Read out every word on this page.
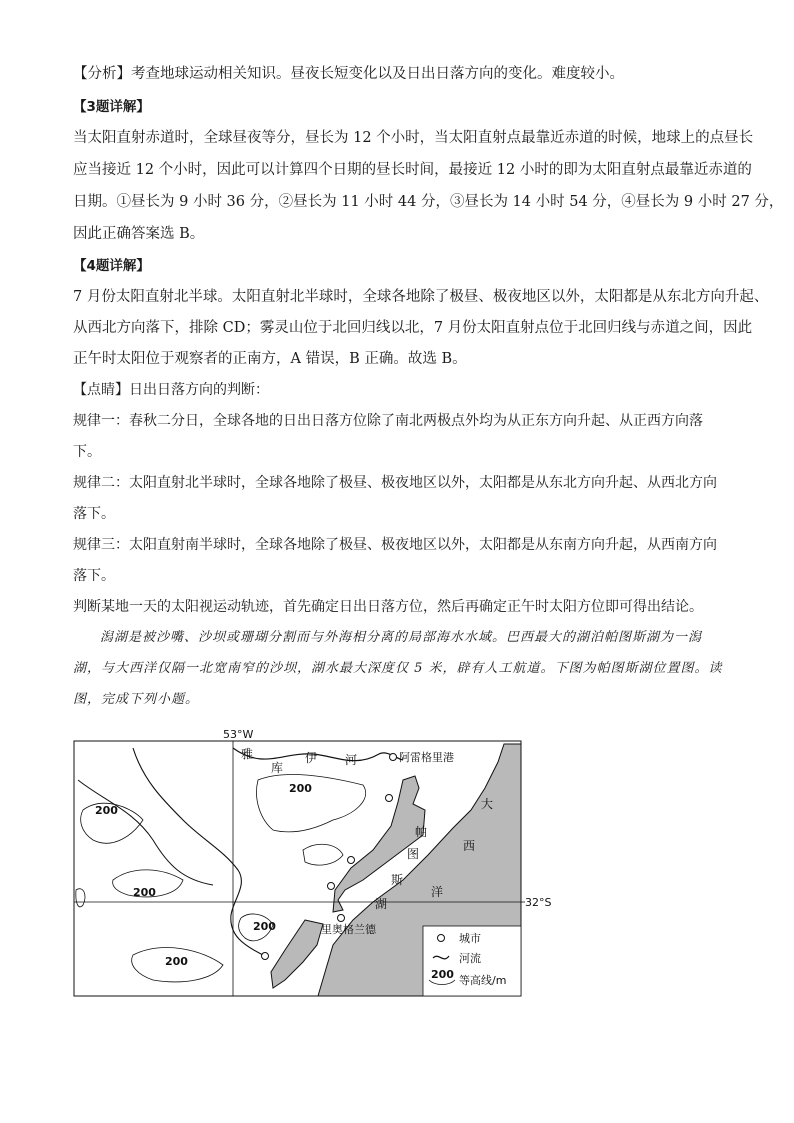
【分析】考查地球运动相关知识。昼夜长短变化以及日出日落方向的变化。难度较小。
【3题详解】
当太阳直射赤道时，全球昼夜等分，昼长为 12 个小时，当太阳直射点最靠近赤道的时候，地球上的点昼长
应当接近 12 个小时，因此可以计算四个日期的昼长时间，最接近 12 小时的即为太阳直射点最靠近赤道的
日期。①昼长为 9 小时 36 分，②昼长为 11 小时 44 分，③昼长为 14 小时 54 分，④昼长为 9 小时 27 分，
因此正确答案选 B。
【4题详解】
7 月份太阳直射北半球。太阳直射北半球时，全球各地除了极昼、极夜地区以外，太阳都是从东北方向升起、
从西北方向落下，排除 CD；雾灵山位于北回归线以北，7 月份太阳直射点位于北回归线与赤道之间，因此
正午时太阳位于观察者的正南方，A 错误，B 正确。故选 B。
【点睛】日出日落方向的判断：
规律一：春秋二分日，全球各地的日出日落方位除了南北两极点外均为从正东方向升起、从正西方向落
下。
规律二：太阳直射北半球时，全球各地除了极昼、极夜地区以外，太阳都是从东北方向升起、从西北方向
落下。
规律三：太阳直射南半球时，全球各地除了极昼、极夜地区以外，太阳都是从东南方向升起，从西南方向
落下。
判断某地一天的太阳视运动轨迹，首先确定日出日落方位，然后再确定正午时太阳方位即可得出结论。
潟湖是被沙嘴、沙坝或珊瑚分割而与外海相分离的局部海水水域。巴西最大的湖泊帕图斯湖为一潟
湖，与大西洋仅隔一北宽南窄的沙坝，湖水最大深度仅 5 米，辟有人工航道。下图为帕图斯湖位置图。读
图，完成下列小题。
53°W
32°S
雅
库
伊 河	阿雷格里港
帕
图
斯
湖
大
西
洋
里奥格兰德
200
200
200
200
200
城市
河流
200 等高线/m
